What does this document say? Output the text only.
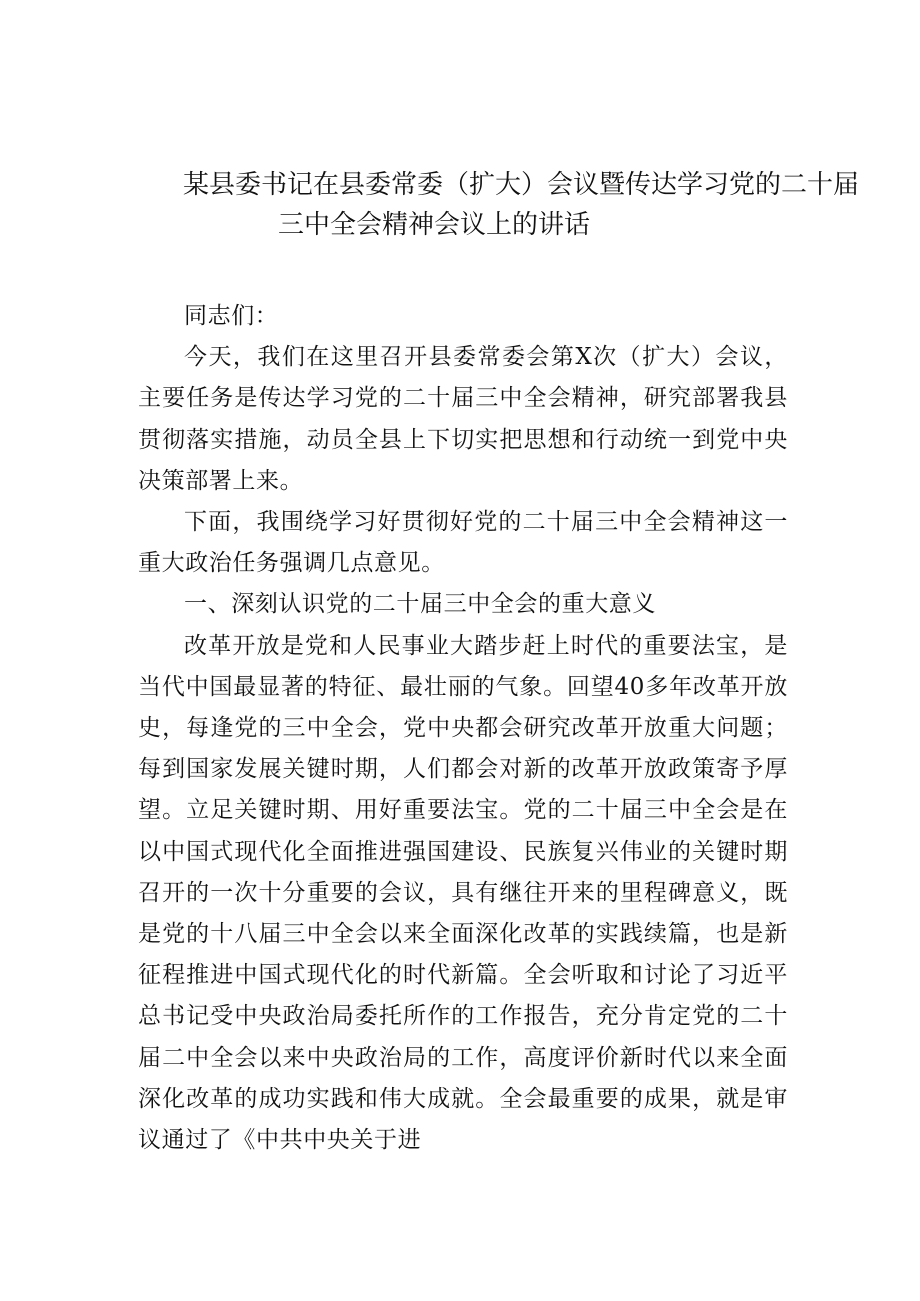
某县委书记在县委常委（扩大）会议暨传达学习党的二十届
三中全会精神会议上的讲话

同志们：

今天，我们在这里召开县委常委会第X次（扩大）会议，主要任务是传达学习党的二十届三中全会精神，研究部署我县贯彻落实措施，动员全县上下切实把思想和行动统一到党中央决策部署上来。

下面，我围绕学习好贯彻好党的二十届三中全会精神这一重大政治任务强调几点意见。

一、深刻认识党的二十届三中全会的重大意义

改革开放是党和人民事业大踏步赶上时代的重要法宝，是当代中国最显著的特征、最壮丽的气象。回望40多年改革开放史，每逢党的三中全会，党中央都会研究改革开放重大问题；每到国家发展关键时期，人们都会对新的改革开放政策寄予厚望。立足关键时期、用好重要法宝。党的二十届三中全会是在以中国式现代化全面推进强国建设、民族复兴伟业的关键时期召开的一次十分重要的会议，具有继往开来的里程碑意义，既是党的十八届三中全会以来全面深化改革的实践续篇，也是新征程推进中国式现代化的时代新篇。全会听取和讨论了习近平总书记受中央政治局委托所作的工作报告，充分肯定党的二十届二中全会以来中央政治局的工作，高度评价新时代以来全面深化改革的成功实践和伟大成就。全会最重要的成果，就是审议通过了《中共中央关于进
